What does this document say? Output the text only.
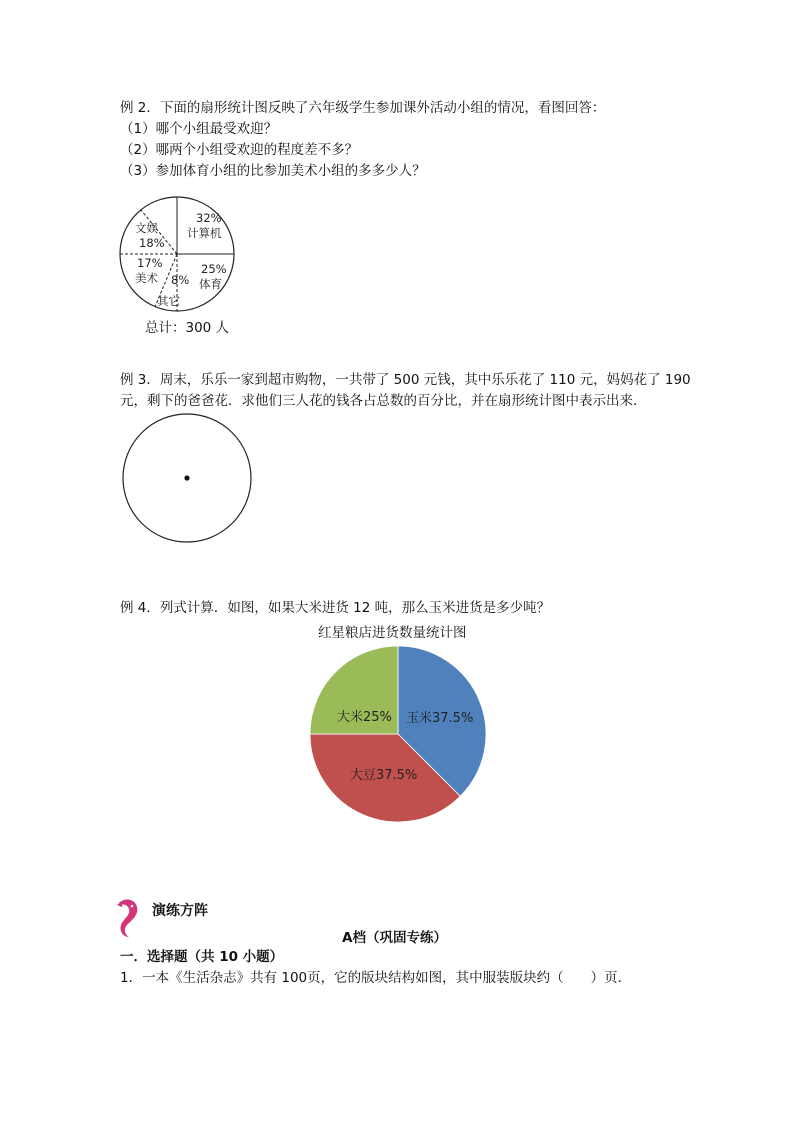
例 2．下面的扇形统计图反映了六年级学生参加课外活动小组的情况，看图回答：
（1）哪个小组最受欢迎？
（2）哪两个小组受欢迎的程度差不多？
（3）参加体育小组的比参加美术小组的多多少人？
32%
计算机
文娱
18%
25%
体育
17%
美术 8%
其它
总计：300 人
例 3．周末，乐乐一家到超市购物，一共带了 500 元钱，其中乐乐花了 110 元，妈妈花了 190
元，剩下的爸爸花．求他们三人花的钱各占总数的百分比，并在扇形统计图中表示出来．
例 4．列式计算．如图，如果大米进货 12 吨，那么玉米进货是多少吨？
红星粮店进货数量统计图
玉米37.5%
大豆37.5%
大米25%
演练方阵
A档（巩固专练）
一．选择题（共 10 小题）
1．一本《生活杂志》共有 100页，它的版块结构如图，其中服装版块约（　　）页．
